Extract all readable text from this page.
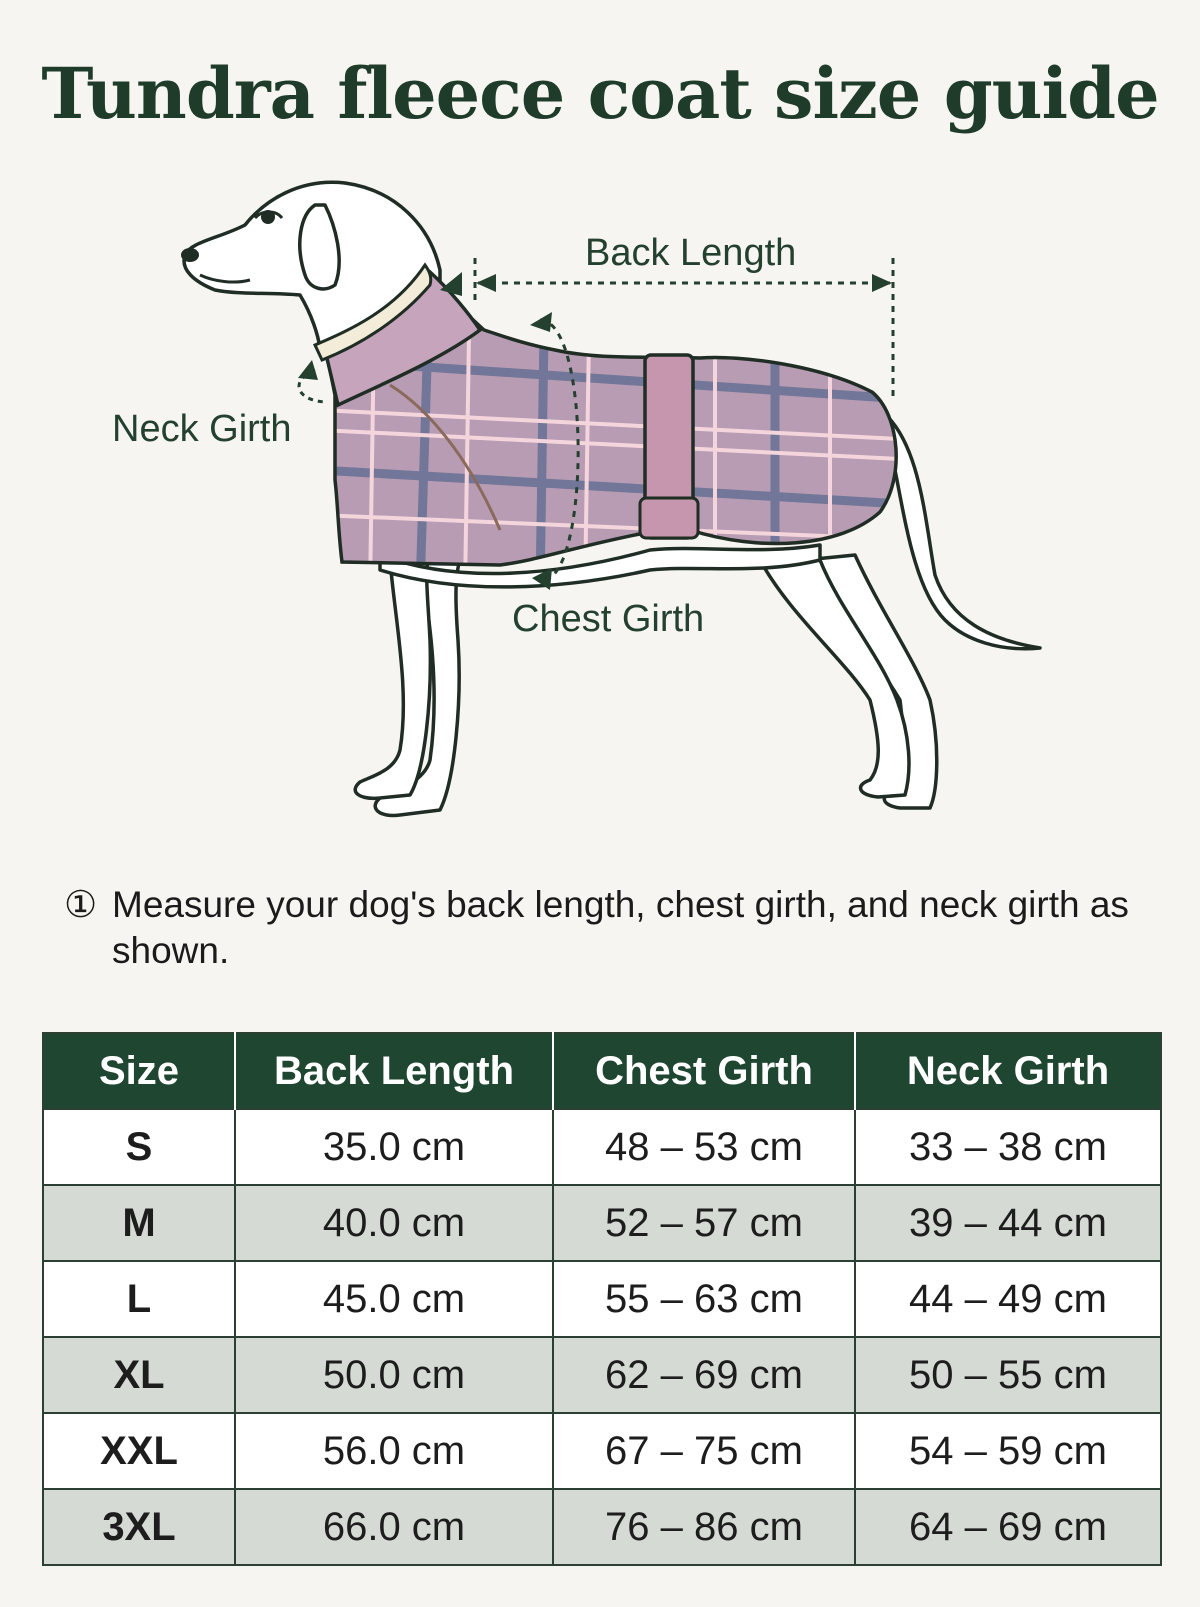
Tundra fleece coat size guide
Back Length
Neck Girth
Chest Girth
① Measure your dog's back length, chest girth, and neck girth as shown.
Size	Back Length	Chest Girth	Neck Girth
S	35.0 cm	48 – 53 cm	33 – 38 cm
M	40.0 cm	52 – 57 cm	39 – 44 cm
L	45.0 cm	55 – 63 cm	44 – 49 cm
XL	50.0 cm	62 – 69 cm	50 – 55 cm
XXL	56.0 cm	67 – 75 cm	54 – 59 cm
3XL	66.0 cm	76 – 86 cm	64 – 69 cm
